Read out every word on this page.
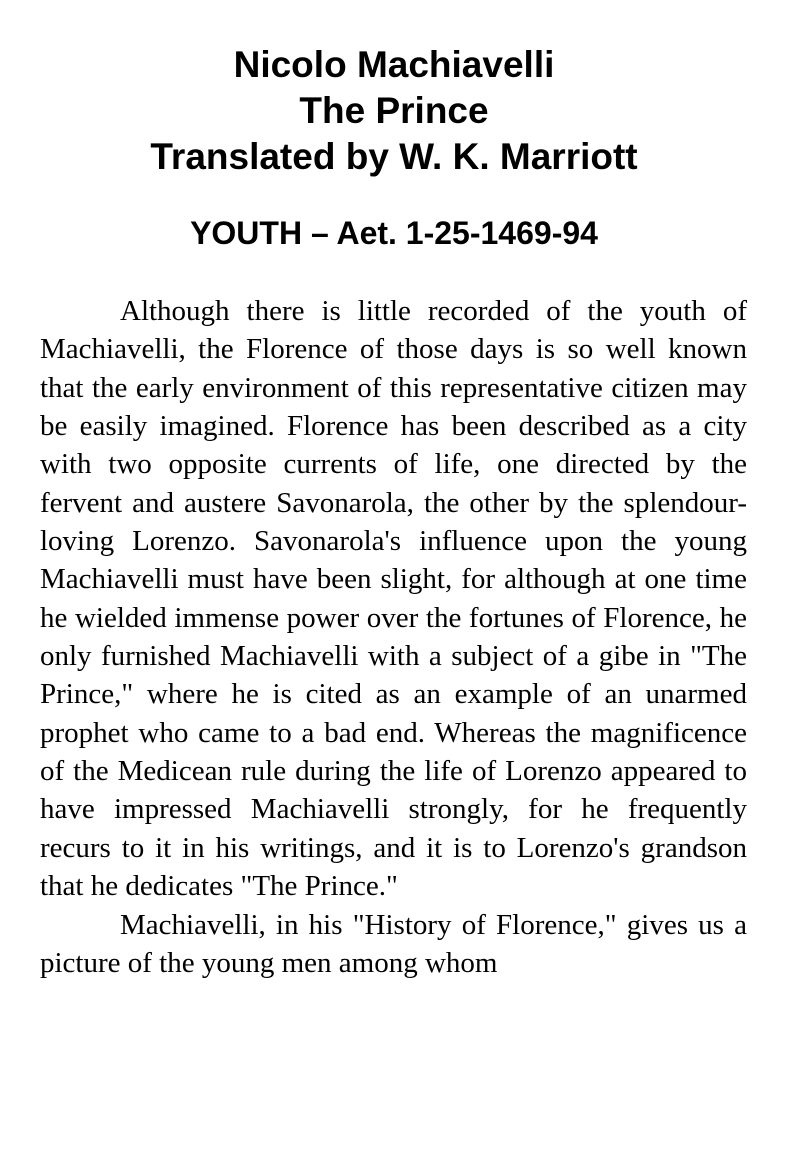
Nicolo Machiavelli
The Prince
Translated by W. K. Marriott
YOUTH – Aet. 1-25-1469-94

Although there is little recorded of the youth of Machiavelli, the Florence of those days is so well known that the early environment of this representative citizen may be easily imagined. Florence has been described as a city with two opposite currents of life, one directed by the fervent and austere Savonarola, the other by the splendour-loving Lorenzo. Savonarola's influence upon the young Machiavelli must have been slight, for although at one time he wielded immense power over the fortunes of Florence, he only furnished Machiavelli with a subject of a gibe in "The Prince," where he is cited as an example of an unarmed prophet who came to a bad end. Whereas the magnificence of the Medicean rule during the life of Lorenzo appeared to have impressed Machiavelli strongly, for he frequently recurs to it in his writings, and it is to Lorenzo's grandson that he dedicates "The Prince."

Machiavelli, in his "History of Florence," gives us a picture of the young men among whom
